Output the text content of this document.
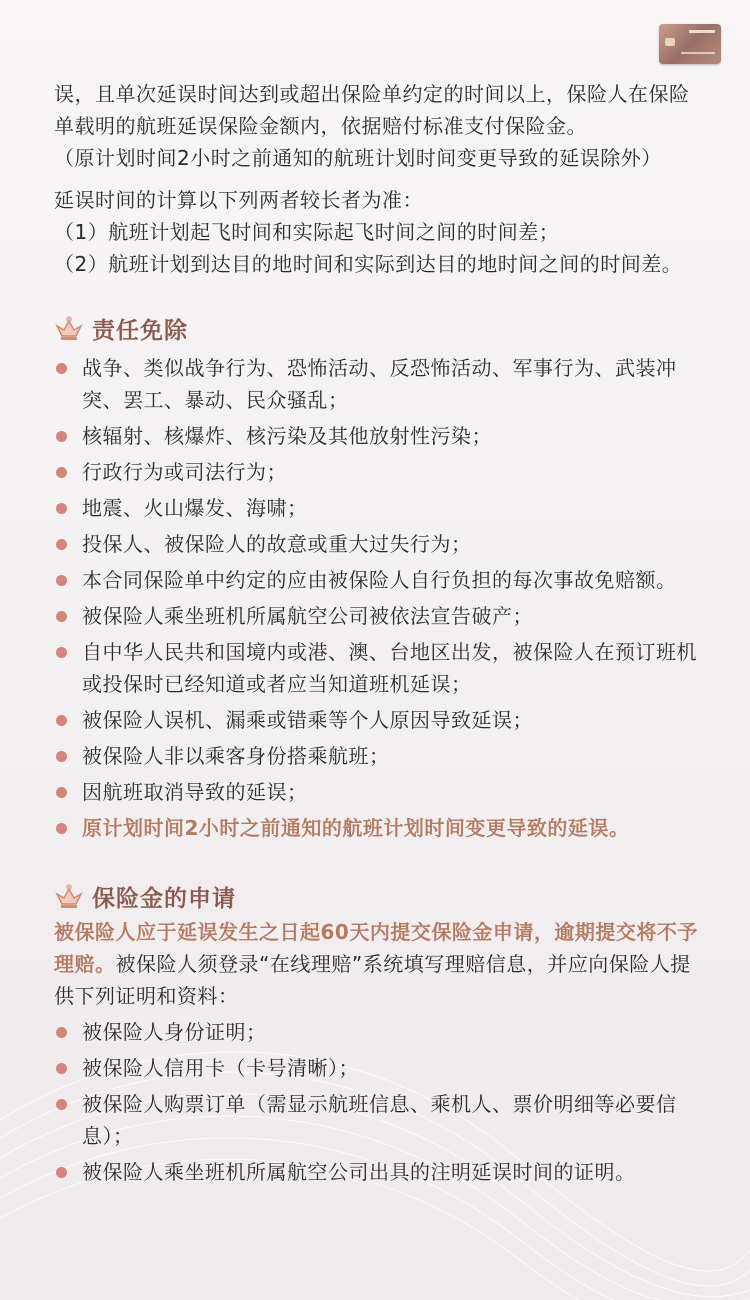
误，且单次延误时间达到或超出保险单约定的时间以上，保险人在保险单载明的航班延误保险金额内，依据赔付标准支付保险金。

（原计划时间2小时之前通知的航班计划时间变更导致的延误除外）

延误时间的计算以下列两者较长者为准：

（1）航班计划起飞时间和实际起飞时间之间的时间差；

（2）航班计划到达目的地时间和实际到达目的地时间之间的时间差。

责任免除
战争、类似战争行为、恐怖活动、反恐怖活动、军事行为、武装冲突、罢工、暴动、民众骚乱；
核辐射、核爆炸、核污染及其他放射性污染；
行政行为或司法行为；
地震、火山爆发、海啸；
投保人、被保险人的故意或重大过失行为；
本合同保险单中约定的应由被保险人自行负担的每次事故免赔额。
被保险人乘坐班机所属航空公司被依法宣告破产；
自中华人民共和国境内或港、澳、台地区出发，被保险人在预订班机或投保时已经知道或者应当知道班机延误；
被保险人误机、漏乘或错乘等个人原因导致延误；
被保险人非以乘客身份搭乘航班；
因航班取消导致的延误；
原计划时间2小时之前通知的航班计划时间变更导致的延误。
保险金的申请

被保险人应于延误发生之日起60天内提交保险金申请，逾期提交将不予理赔。被保险人须登录“在线理赔”系统填写理赔信息，并应向保险人提供下列证明和资料：

被保险人身份证明；
被保险人信用卡（卡号清晰）；
被保险人购票订单（需显示航班信息、乘机人、票价明细等必要信息）；
被保险人乘坐班机所属航空公司出具的注明延误时间的证明。
